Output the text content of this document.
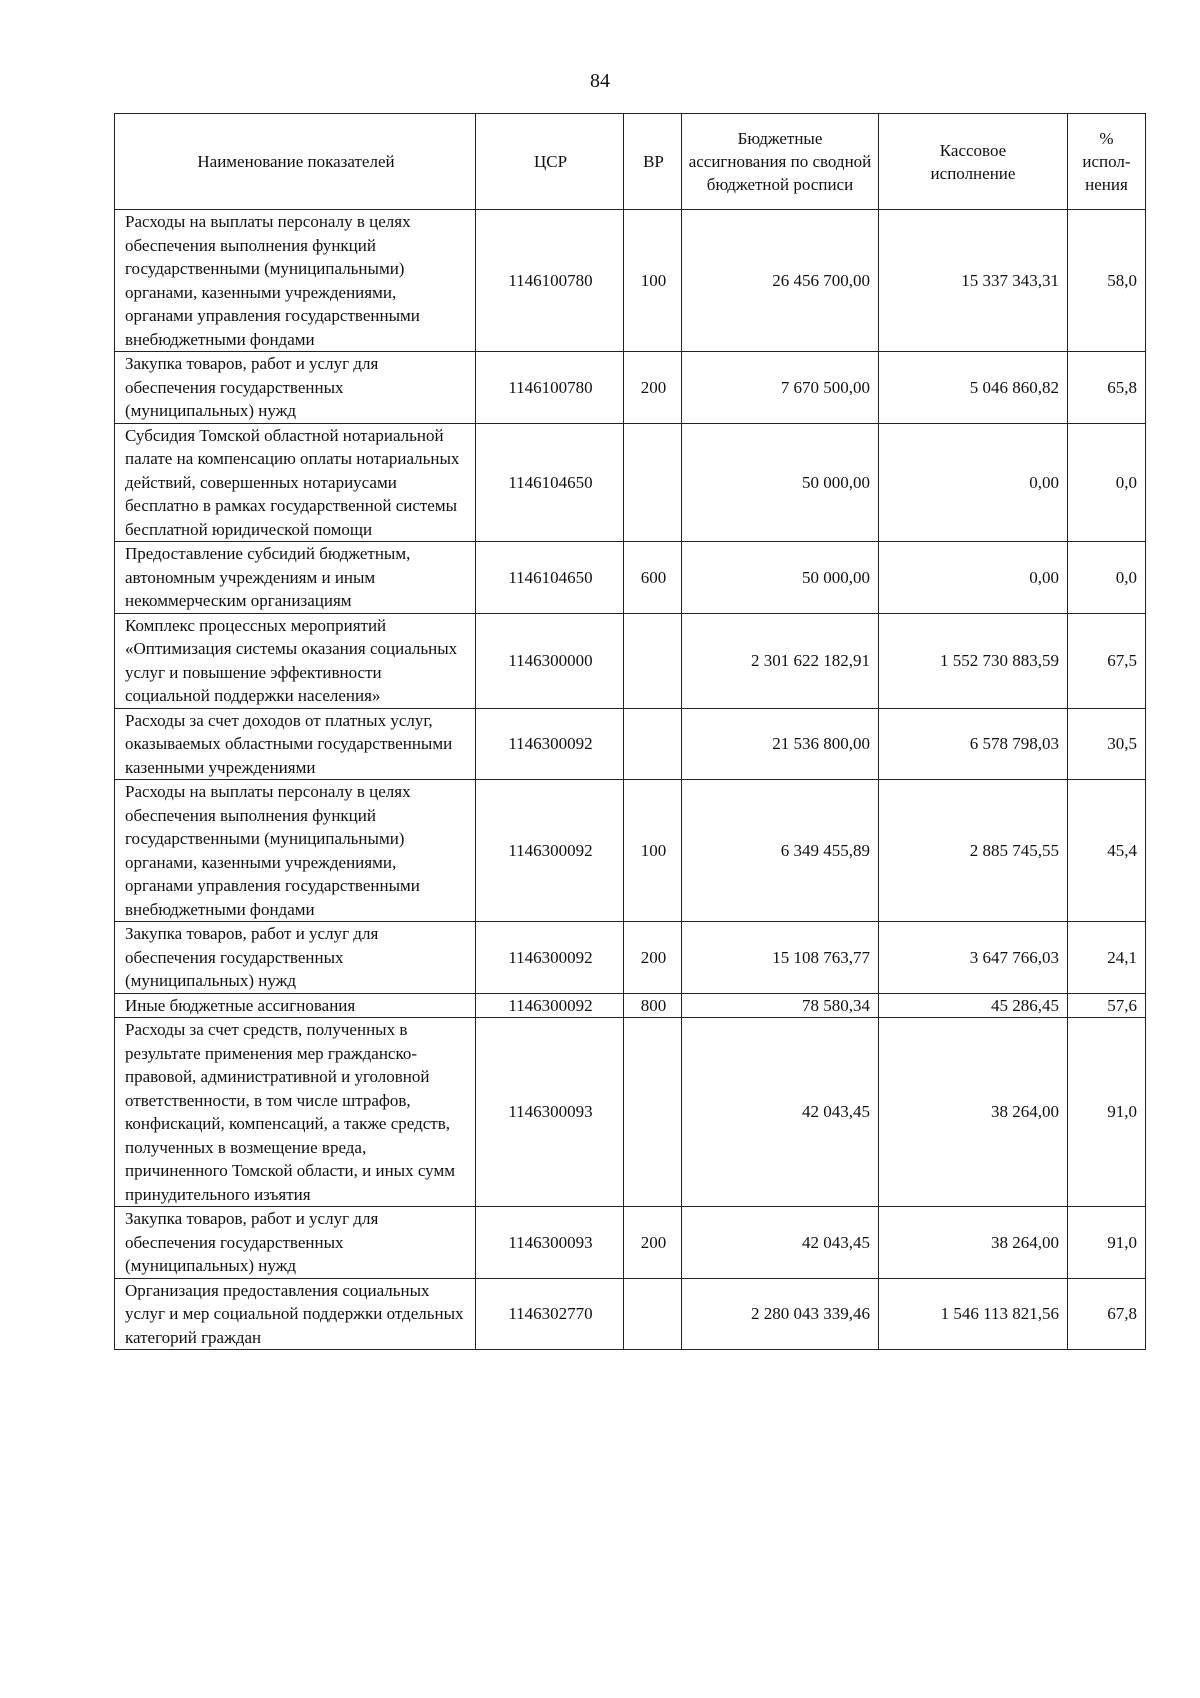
84
Наименование показателей	ЦСР	ВР	Бюджетные ассигнования по сводной бюджетной росписи	Кассовое исполнение	% испол-нения
Расходы на выплаты персоналу в целях обеспечения выполнения функций государственными (муниципальными) органами, казенными учреждениями, органами управления государственными внебюджетными фондами	1146100780	100	26 456 700,00	15 337 343,31	58,0
Закупка товаров, работ и услуг для обеспечения государственных (муниципальных) нужд	1146100780	200	7 670 500,00	5 046 860,82	65,8
Субсидия Томской областной нотариальной палате на компенсацию оплаты нотариальных действий, совершенных нотариусами бесплатно в рамках государственной системы бесплатной юридической помощи	1146104650		50 000,00	0,00	0,0
Предоставление субсидий бюджетным, автономным учреждениям и иным некоммерческим организациям	1146104650	600	50 000,00	0,00	0,0
Комплекс процессных мероприятий «Оптимизация системы оказания социальных услуг и повышение эффективности социальной поддержки населения»	1146300000		2 301 622 182,91	1 552 730 883,59	67,5
Расходы за счет доходов от платных услуг, оказываемых областными государственными казенными учреждениями	1146300092		21 536 800,00	6 578 798,03	30,5
Расходы на выплаты персоналу в целях обеспечения выполнения функций государственными (муниципальными) органами, казенными учреждениями, органами управления государственными внебюджетными фондами	1146300092	100	6 349 455,89	2 885 745,55	45,4
Закупка товаров, работ и услуг для обеспечения государственных (муниципальных) нужд	1146300092	200	15 108 763,77	3 647 766,03	24,1
Иные бюджетные ассигнования	1146300092	800	78 580,34	45 286,45	57,6
Расходы за счет средств, полученных в результате применения мер гражданско-правовой, административной и уголовной ответственности, в том числе штрафов, конфискаций, компенсаций, а также средств, полученных в возмещение вреда, причиненного Томской области, и иных сумм принудительного изъятия	1146300093		42 043,45	38 264,00	91,0
Закупка товаров, работ и услуг для обеспечения государственных (муниципальных) нужд	1146300093	200	42 043,45	38 264,00	91,0
Организация предоставления социальных услуг и мер социальной поддержки отдельных категорий граждан	1146302770		2 280 043 339,46	1 546 113 821,56	67,8
